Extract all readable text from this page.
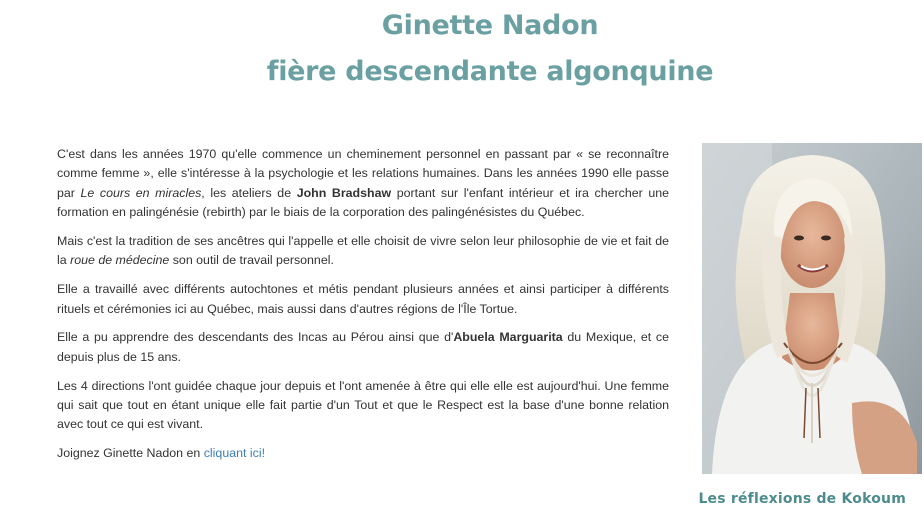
Ginette Nadon
fière descendante algonquine

C'est dans les années 1970 qu'elle commence un cheminement personnel en passant par « se reconnaître comme femme », elle s'intéresse à la psychologie et les relations humaines. Dans les années 1990 elle passe par Le cours en miracles, les ateliers de John Bradshaw portant sur l'enfant intérieur et ira chercher une formation en palingénésie (rebirth) par le biais de la corporation des palingénésistes du Québec.

Mais c'est la tradition de ses ancêtres qui l'appelle et elle choisit de vivre selon leur philosophie de vie et fait de la roue de médecine son outil de travail personnel.

Elle a travaillé avec différents autochtones et métis pendant plusieurs années et ainsi participer à différents rituels et cérémonies ici au Québec, mais aussi dans d'autres régions de l'Île Tortue.

Elle a pu apprendre des descendants des Incas au Pérou ainsi que d'Abuela Marguarita du Mexique, et ce depuis plus de 15 ans.

Les 4 directions l'ont guidée chaque jour depuis et l'ont amenée à être qui elle elle est aujourd'hui. Une femme qui sait que tout en étant unique elle fait partie d'un Tout et que le Respect est la base d'une bonne relation avec tout ce qui est vivant.

Joignez Ginette Nadon en cliquant ici!

Les réflexions de Kokoum
